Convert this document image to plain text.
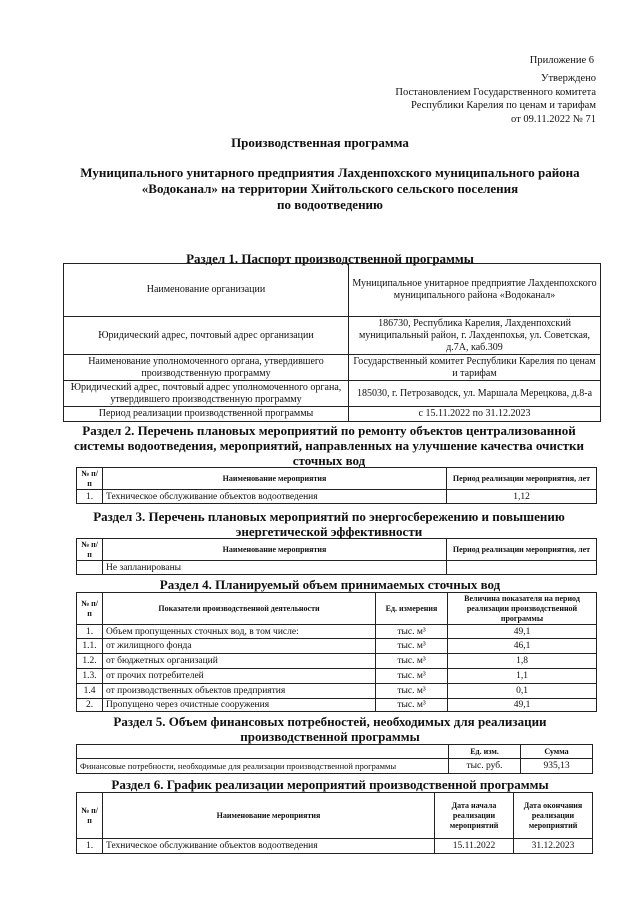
Приложение 6
Утверждено
Постановлением Государственного комитета
Республики Карелия по ценам и тарифам
от 09.11.2022 № 71
Производственная программа
Муниципального унитарного предприятия Лахденпохского муниципального района
«Водоканал» на территории Хийтольского сельского поселения
по водоотведению
Раздел 1. Паспорт производственной программы
Наименование организации	Муниципальное унитарное предприятие Лахденпохского муниципального района «Водоканал»
Юридический адрес, почтовый адрес организации	186730, Республика Карелия, Лахденпохский муниципальный район, г. Лахденпохья, ул. Советская, д.7А, каб.309
Наименование уполномоченного органа, утвердившего производственную программу	Государственный комитет Республики Карелия по ценам и тарифам
Юридический адрес, почтовый адрес уполномоченного органа, утвердившего производственную программу	185030, г. Петрозаводск, ул. Маршала Мерецкова, д.8-а
Период реализации производственной программы	с 15.11.2022 по 31.12.2023
Раздел 2. Перечень плановых мероприятий по ремонту объектов централизованной системы водоотведения, мероприятий, направленных на улучшение качества очистки сточных вод
№ п/п	Наименование мероприятия	Период реализации мероприятия, лет
1.	Техническое обслуживание объектов водоотведения	1,12
Раздел 3. Перечень плановых мероприятий по энергосбережению и повышению энергетической эффективности
№ п/п	Наименование мероприятия	Период реализации мероприятия, лет
	Не запланированы	
Раздел 4. Планируемый объем принимаемых сточных вод
№ п/п	Показатели производственной деятельности	Ед. измерения	Величина показателя на период реализации производственной программы
1.	Объем пропущенных сточных вод, в том числе:	тыс. м³	49,1
1.1.	от жилищного фонда	тыс. м³	46,1
1.2.	от бюджетных организаций	тыс. м³	1,8
1.3.	от прочих потребителей	тыс. м³	1,1
1.4	от производственных объектов предприятия	тыс. м³	0,1
2.	Пропущено через очистные сооружения	тыс. м³	49,1
Раздел 5. Объем финансовых потребностей, необходимых для реализации производственной программы
	Ед. изм.	Сумма
Финансовые потребности, необходимые для реализации производственной программы	тыс. руб.	935,13
Раздел 6. График реализации мероприятий производственной программы
№ п/п	Наименование мероприятия	Дата начала реализации мероприятий	Дата окончания реализации мероприятий
1.	Техническое обслуживание объектов водоотведения	15.11.2022	31.12.2023
